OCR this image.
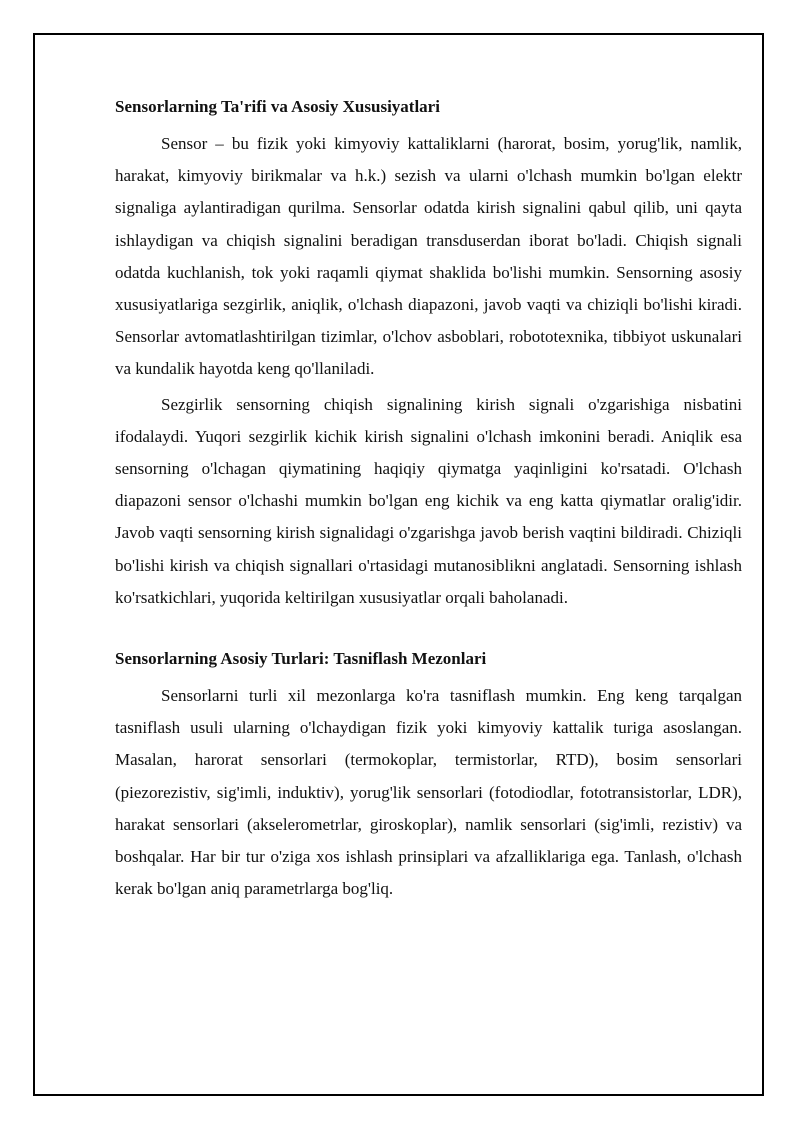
Sensorlarning Ta'rifi va Asosiy Xususiyatlari

Sensor – bu fizik yoki kimyoviy kattaliklarni (harorat, bosim, yorug'lik, namlik, harakat, kimyoviy birikmalar va h.k.) sezish va ularni o'lchash mumkin bo'lgan elektr signaliga aylantiradigan qurilma. Sensorlar odatda kirish signalini qabul qilib, uni qayta ishlaydigan va chiqish signalini beradigan transduserdan iborat bo'ladi. Chiqish signali odatda kuchlanish, tok yoki raqamli qiymat shaklida bo'lishi mumkin. Sensorning asosiy xususiyatlariga sezgirlik, aniqlik, o'lchash diapazoni, javob vaqti va chiziqli bo'lishi kiradi. Sensorlar avtomatlashtirilgan tizimlar, o'lchov asboblari, robototexnika, tibbiyot uskunalari va kundalik hayotda keng qo'llaniladi.

Sezgirlik sensorning chiqish signalining kirish signali o'zgarishiga nisbatini ifodalaydi. Yuqori sezgirlik kichik kirish signalini o'lchash imkonini beradi. Aniqlik esa sensorning o'lchagan qiymatining haqiqiy qiymatga yaqinligini ko'rsatadi. O'lchash diapazoni sensor o'lchashi mumkin bo'lgan eng kichik va eng katta qiymatlar oralig'idir. Javob vaqti sensorning kirish signalidagi o'zgarishga javob berish vaqtini bildiradi. Chiziqli bo'lishi kirish va chiqish signallari o'rtasidagi mutanosiblikni anglatadi. Sensorning ishlash ko'rsatkichlari, yuqorida keltirilgan xususiyatlar orqali baholanadi.

Sensorlarning Asosiy Turlari: Tasniflash Mezonlari

Sensorlarni turli xil mezonlarga ko'ra tasniflash mumkin. Eng keng tarqalgan tasniflash usuli ularning o'lchaydigan fizik yoki kimyoviy kattalik turiga asoslangan. Masalan, harorat sensorlari (termokoplar, termistorlar, RTD), bosim sensorlari (piezorezistiv, sig'imli, induktiv), yorug'lik sensorlari (fotodiodlar, fototransistorlar, LDR), harakat sensorlari (akselerometrlar, giroskoplar), namlik sensorlari (sig'imli, rezistiv) va boshqalar. Har bir tur o'ziga xos ishlash prinsiplari va afzalliklariga ega. Tanlash, o'lchash kerak bo'lgan aniq parametrlarga bog'liq.
